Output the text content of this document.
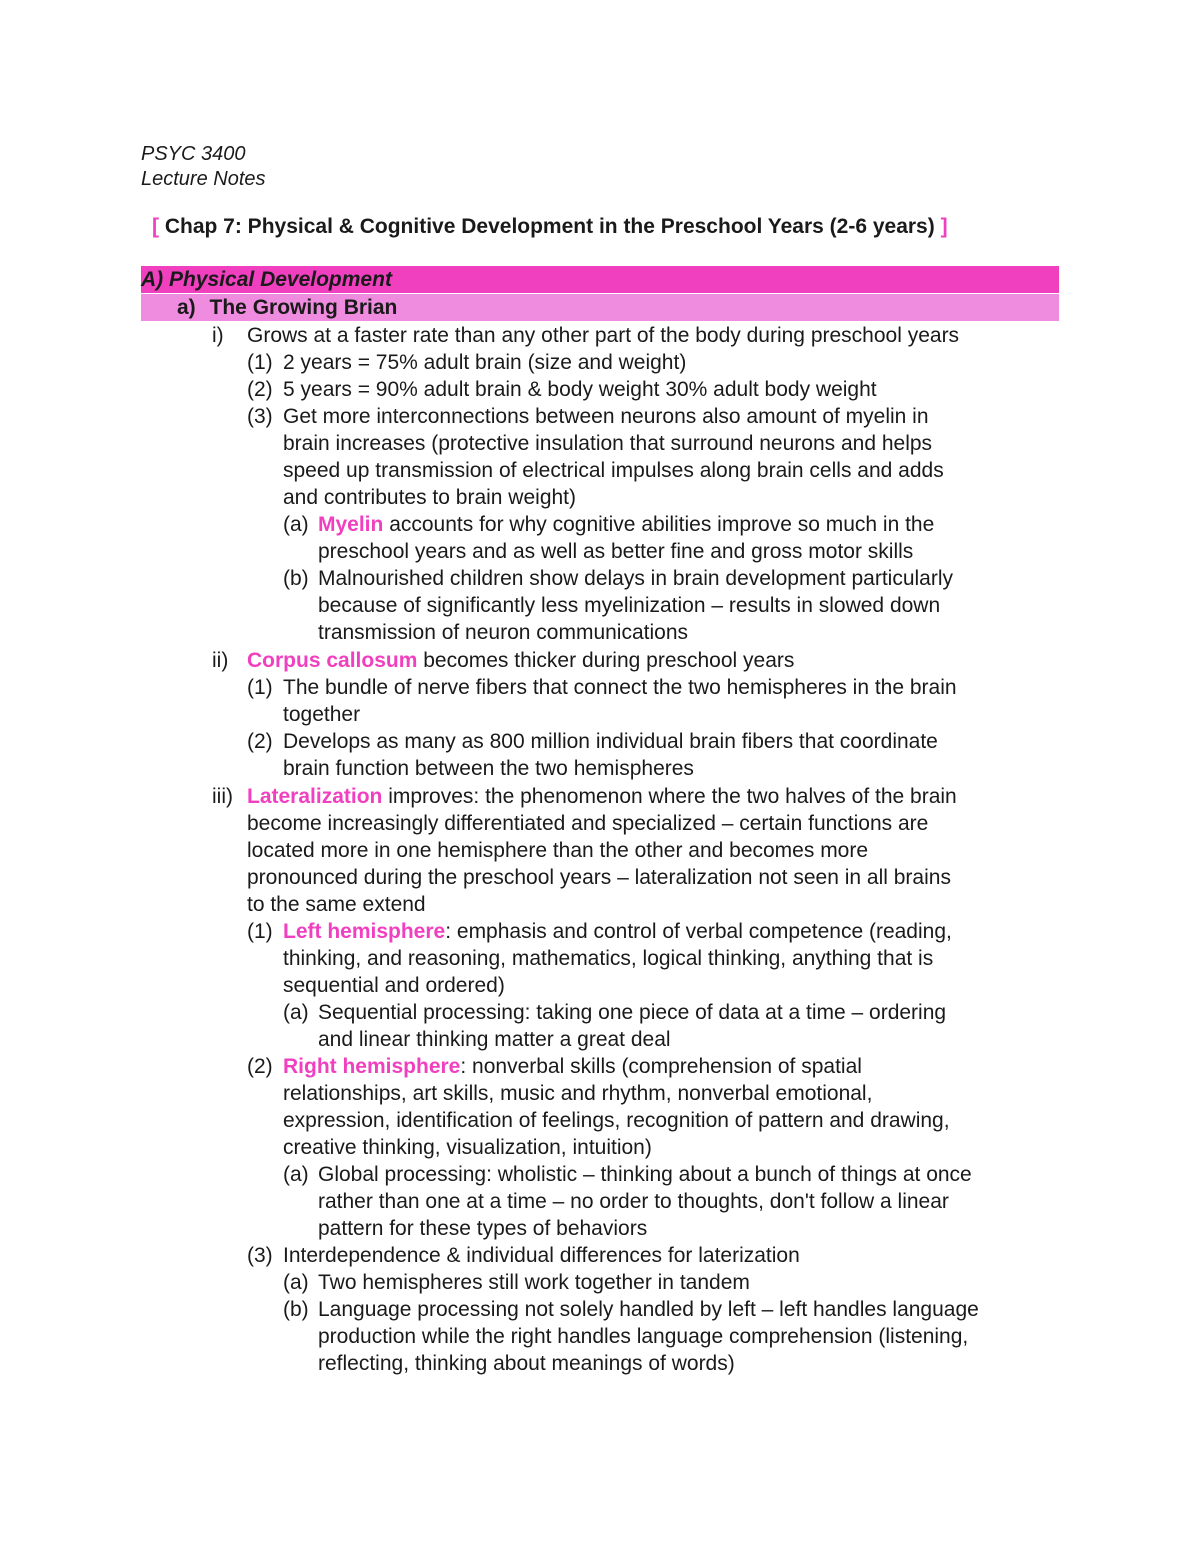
PSYC 3400
Lecture Notes
[ Chap 7: Physical & Cognitive Development in the Preschool Years (2-6 years) ]
A) Physical Development
a) The Growing Brian
i) Grows at a faster rate than any other part of the body during preschool years
(1) 2 years = 75% adult brain (size and weight)
(2) 5 years = 90% adult brain & body weight 30% adult body weight
(3) Get more interconnections between neurons also amount of myelin in
brain increases (protective insulation that surround neurons and helps
speed up transmission of electrical impulses along brain cells and adds
and contributes to brain weight)
(a) Myelin accounts for why cognitive abilities improve so much in the
preschool years and as well as better fine and gross motor skills
(b) Malnourished children show delays in brain development particularly
because of significantly less myelinization – results in slowed down
transmission of neuron communications
ii) Corpus callosum becomes thicker during preschool years
(1) The bundle of nerve fibers that connect the two hemispheres in the brain
together
(2) Develops as many as 800 million individual brain fibers that coordinate
brain function between the two hemispheres
iii) Lateralization improves: the phenomenon where the two halves of the brain
become increasingly differentiated and specialized – certain functions are
located more in one hemisphere than the other and becomes more
pronounced during the preschool years – lateralization not seen in all brains
to the same extend
(1) Left hemisphere: emphasis and control of verbal competence (reading,
thinking, and reasoning, mathematics, logical thinking, anything that is
sequential and ordered)
(a) Sequential processing: taking one piece of data at a time – ordering
and linear thinking matter a great deal
(2) Right hemisphere: nonverbal skills (comprehension of spatial
relationships, art skills, music and rhythm, nonverbal emotional,
expression, identification of feelings, recognition of pattern and drawing,
creative thinking, visualization, intuition)
(a) Global processing: wholistic – thinking about a bunch of things at once
rather than one at a time – no order to thoughts, don't follow a linear
pattern for these types of behaviors
(3) Interdependence & individual differences for laterization
(a) Two hemispheres still work together in tandem
(b) Language processing not solely handled by left – left handles language
production while the right handles language comprehension (listening,
reflecting, thinking about meanings of words)
